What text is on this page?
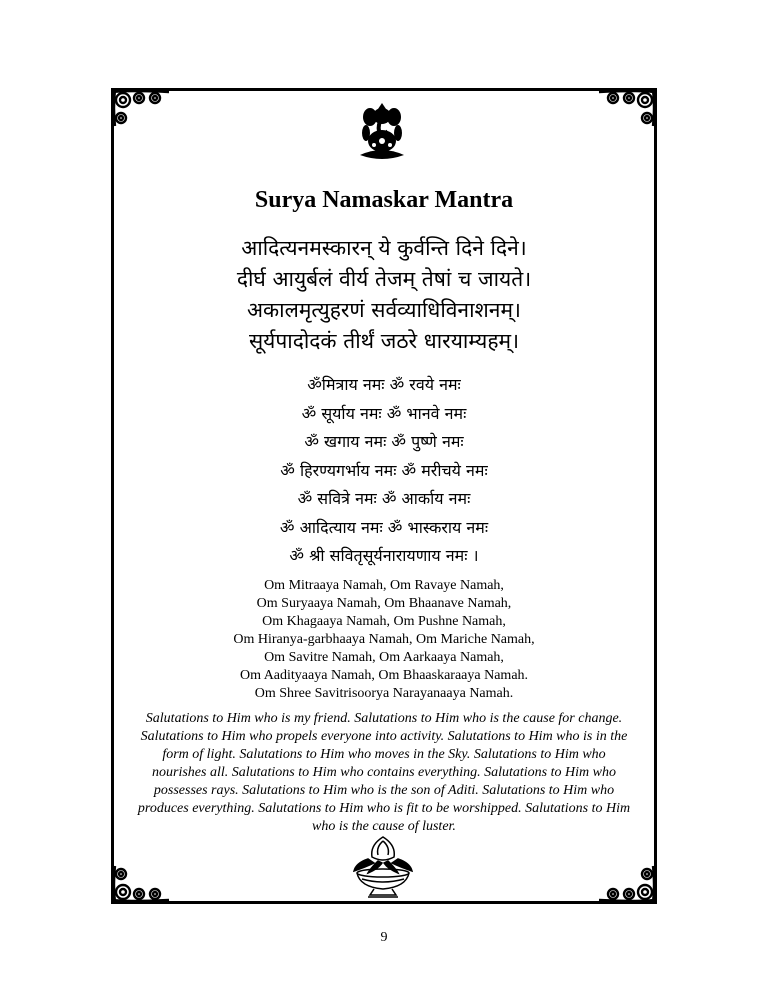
Surya Namaskar Mantra
आदित्यनमस्कारन् ये कुर्वन्ति दिने दिने।
दीर्घ आयुर्बलं वीर्य तेजम् तेषां च जायते।
अकालमृत्युहरणं सर्वव्याधिविनाशनम्।
सूर्यपादोदकं तीर्थं जठरे धारयाम्यहम्।
ॐमित्राय नमः ॐ रवये नमः
ॐ सूर्याय नमः ॐ भानवे नमः
ॐ खगाय नमः ॐ पुष्णे नमः
ॐ हिरण्यगर्भाय नमः ॐ मरीचये नमः
ॐ सवित्रे नमः ॐ आर्काय नमः
ॐ आदित्याय नमः ॐ भास्कराय नमः
ॐ श्री सवितृसूर्यनारायणाय नमः ।
Om Mitraaya Namah, Om Ravaye Namah,
Om Suryaaya Namah, Om Bhaanave Namah,
Om Khagaaya Namah, Om Pushne Namah,
Om Hiranya-garbhaaya Namah, Om Mariche Namah,
Om Savitre Namah, Om Aarkaaya Namah,
Om Aadityaaya Namah, Om Bhaaskaraaya Namah.
Om Shree Savitrisoorya Narayanaaya Namah.
Salutations to Him who is my friend. Salutations to Him who is the cause for change.
Salutations to Him who propels everyone into activity. Salutations to Him who is in the
form of light. Salutations to Him who moves in the Sky. Salutations to Him who
nourishes all. Salutations to Him who contains everything. Salutations to Him who
possesses rays. Salutations to Him who is the son of Aditi. Salutations to Him who
produces everything. Salutations to Him who is fit to be worshipped. Salutations to Him
who is the cause of luster.
9
